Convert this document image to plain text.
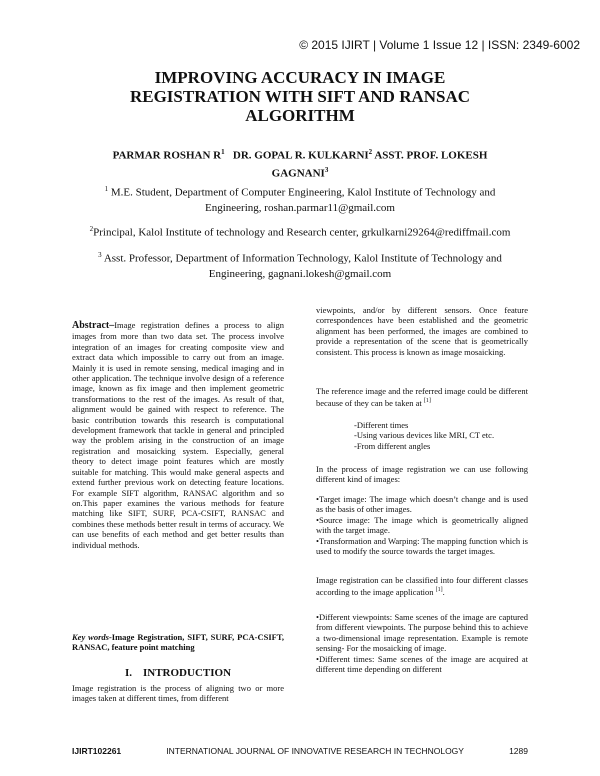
© 2015 IJIRT | Volume 1 Issue 12 | ISSN: 2349-6002
IMPROVING ACCURACY IN IMAGE
REGISTRATION WITH SIFT AND RANSAC
ALGORITHM
PARMAR ROSHAN $R^1$ DR. GOPAL R. KULKARNI$^2$ ASST. PROF. LOKESH
GAGNANI$^3$
$^1$ M.E. Student, Department of Computer Engineering, Kalol Institute of Technology and
Engineering, roshan.parmar11@gmail.com
$^2$Principal, Kalol Institute of technology and Research center, grkulkarni29264@rediffmail.com
$^3$ Asst. Professor, Department of Information Technology, Kalol Institute of Technology and
Engineering, gagnani.lokesh@gmail.com
Abstract–Image registration defines a process to align images from more than two data set. The process involve integration of an images for creating composite view and extract data which impossible to carry out from an image. Mainly it is used in remote sensing, medical imaging and in other application. The technique involve design of a reference image, known as fix image and then implement geometric transformations to the rest of the images. As result of that, alignment would be gained with respect to reference. The basic contribution towards this research is computational development framework that tackle in general and principled way the problem arising in the construction of an image registration and mosaicking system. Especially, general theory to detect image point features which are mostly suitable for matching. This would make general aspects and extend further previous work on detecting feature locations. For example SIFT algorithm, RANSAC algorithm and so on.This paper examines the various methods for feature matching like SIFT, SURF, PCA-CSIFT, RANSAC and combines these methods better result in terms of accuracy. We can use benefits of each method and get better results than individual methods.
Key words-Image Registration, SIFT, SURF, PCA-CSIFT, RANSAC, feature point matching
I. INTRODUCTION
Image registration is the process of aligning two or more images taken at different times, from different
viewpoints, and/or by different sensors. Once feature correspondences have been established and the geometric alignment has been performed, the images are combined to provide a representation of the scene that is geometrically consistent. This process is known as image mosaicking.
The reference image and the referred image could be different because of they can be taken at [1]
-Different times
-Using various devices like MRI, CT etc.
-From different angles
In the process of image registration we can use following different kind of images:

•Target image: The image which doesn’t change and is used as the basis of other images.

•Source image: The image which is geometrically aligned with the target image.

•Transformation and Warping: The mapping function which is used to modify the source towards the target images.

Image registration can be classified into four different classes according to the image application [1].

•Different viewpoints: Same scenes of the image are captured from different viewpoints. The purpose behind this to achieve a two-dimensional image representation. Example is remote sensing- For the mosaicking of image.

•Different times: Same scenes of the image are acquired at different time depending on different

IJIRT102261	INTERNATIONAL JOURNAL OF INNOVATIVE RESEARCH IN TECHNOLOGY	1289
